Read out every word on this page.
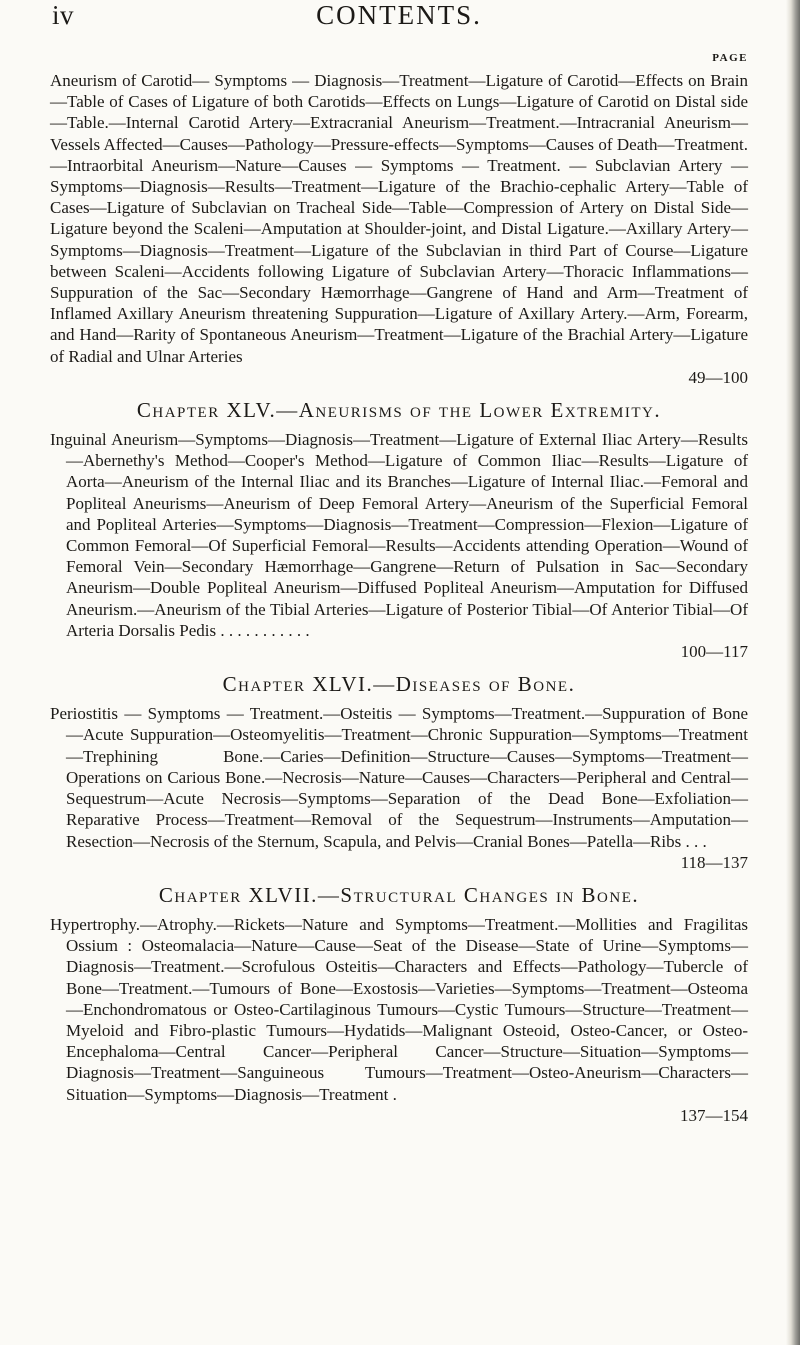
iv	CONTENTS.
PAGE

Aneurism of Carotid— Symptoms — Diagnosis—Treatment—Ligature of Carotid—Effects on Brain—Table of Cases of Ligature of both Carotids—Effects on Lungs—Ligature of Carotid on Distal side—Table.—Internal Carotid Artery—Extracranial Aneurism—Treatment.—Intracranial Aneurism—Vessels Affected—Causes—Pathology—Pressure-effects—Symptoms—Causes of Death—Treatment.—Intraorbital Aneurism—Nature—Causes — Symptoms — Treatment. — Subclavian Artery — Symptoms—Diagnosis—Results—Treatment—Ligature of the Brachio-cephalic Artery—Table of Cases—Ligature of Subclavian on Tracheal Side—Table—Compression of Artery on Distal Side—Ligature beyond the Scaleni—Amputation at Shoulder-joint, and Distal Ligature.—Axillary Artery—Symptoms—Diagnosis—Treatment—Ligature of the Subclavian in third Part of Course—Ligature between Scaleni—Accidents following Ligature of Subclavian Artery—Thoracic Inflammations—Suppuration of the Sac—Secondary Hæmorrhage—Gangrene of Hand and Arm—Treatment of Inflamed Axillary Aneurism threatening Suppuration—Ligature of Axillary Artery.—Arm, Forearm, and Hand—Rarity of Spontaneous Aneurism—Treatment—Ligature of the Brachial Artery—Ligature of Radial and Ulnar Arteries

49—100
Chapter XLV.—Aneurisms of the Lower Extremity.

Inguinal Aneurism—Symptoms—Diagnosis—Treatment—Ligature of External Iliac Artery—Results—Abernethy's Method—Cooper's Method—Ligature of Common Iliac—Results—Ligature of Aorta—Aneurism of the Internal Iliac and its Branches—Ligature of Internal Iliac.—Femoral and Popliteal Aneurisms—Aneurism of Deep Femoral Artery—Aneurism of the Superficial Femoral and Popliteal Arteries—Symptoms—Diagnosis—Treatment—Compression—Flexion—Ligature of Common Femoral—Of Superficial Femoral—Results—Accidents attending Operation—Wound of Femoral Vein—Secondary Hæmorrhage—Gangrene—Return of Pulsation in Sac—Secondary Aneurism—Double Popliteal Aneurism—Diffused Popliteal Aneurism—Amputation for Diffused Aneurism.—Aneurism of the Tibial Arteries—Ligature of Posterior Tibial—Of Anterior Tibial—Of Arteria Dorsalis Pedis . . . . . . . . . . .

100—117
Chapter XLVI.—Diseases of Bone.

Periostitis — Symptoms — Treatment.—Osteitis — Symptoms—Treatment.—Suppuration of Bone—Acute Suppuration—Osteomyelitis—Treatment—Chronic Suppuration—Symptoms—Treatment—Trephining Bone.—Caries—Definition—Structure—Causes—Symptoms—Treatment—Operations on Carious Bone.—Necrosis—Nature—Causes—Characters—Peripheral and Central—Sequestrum—Acute Necrosis—Symptoms—Separation of the Dead Bone—Exfoliation—Reparative Process—Treatment—Removal of the Sequestrum—Instruments—Amputation—Resection—Necrosis of the Sternum, Scapula, and Pelvis—Cranial Bones—Patella—Ribs . . .

118—137
Chapter XLVII.—Structural Changes in Bone.

Hypertrophy.—Atrophy.—Rickets—Nature and Symptoms—Treatment.—Mollities and Fragilitas Ossium : Osteomalacia—Nature—Cause—Seat of the Disease—State of Urine—Symptoms—Diagnosis—Treatment.—Scrofulous Osteitis—Characters and Effects—Pathology—Tubercle of Bone—Treatment.—Tumours of Bone—Exostosis—Varieties—Symptoms—Treatment—Osteoma—Enchondromatous or Osteo-Cartilaginous Tumours—Cystic Tumours—Structure—Treatment—Myeloid and Fibro-plastic Tumours—Hydatids—Malignant Osteoid, Osteo-Cancer, or Osteo-Encephaloma—Central Cancer—Peripheral Cancer—Structure—Situation—Symptoms—Diagnosis—Treatment—Sanguineous Tumours—Treatment—Osteo-Aneurism—Characters—Situation—Symptoms—Diagnosis—Treatment .

137—154
